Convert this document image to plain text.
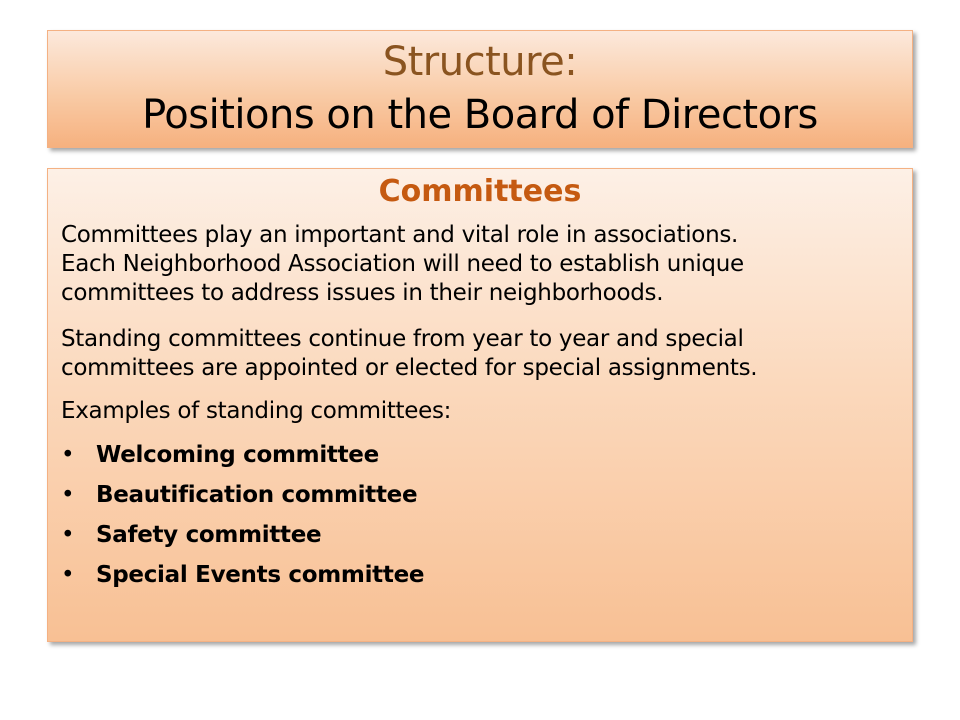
Structure:
Positions on the Board of Directors
Committees
Committees play an important and vital role in associations.
Each Neighborhood Association will need to establish unique
committees to address issues in their neighborhoods.
Standing committees continue from year to year and special
committees are appointed or elected for special assignments.
Examples of standing committees:
• Welcoming committee
• Beautification committee
• Safety committee
• Special Events committee
